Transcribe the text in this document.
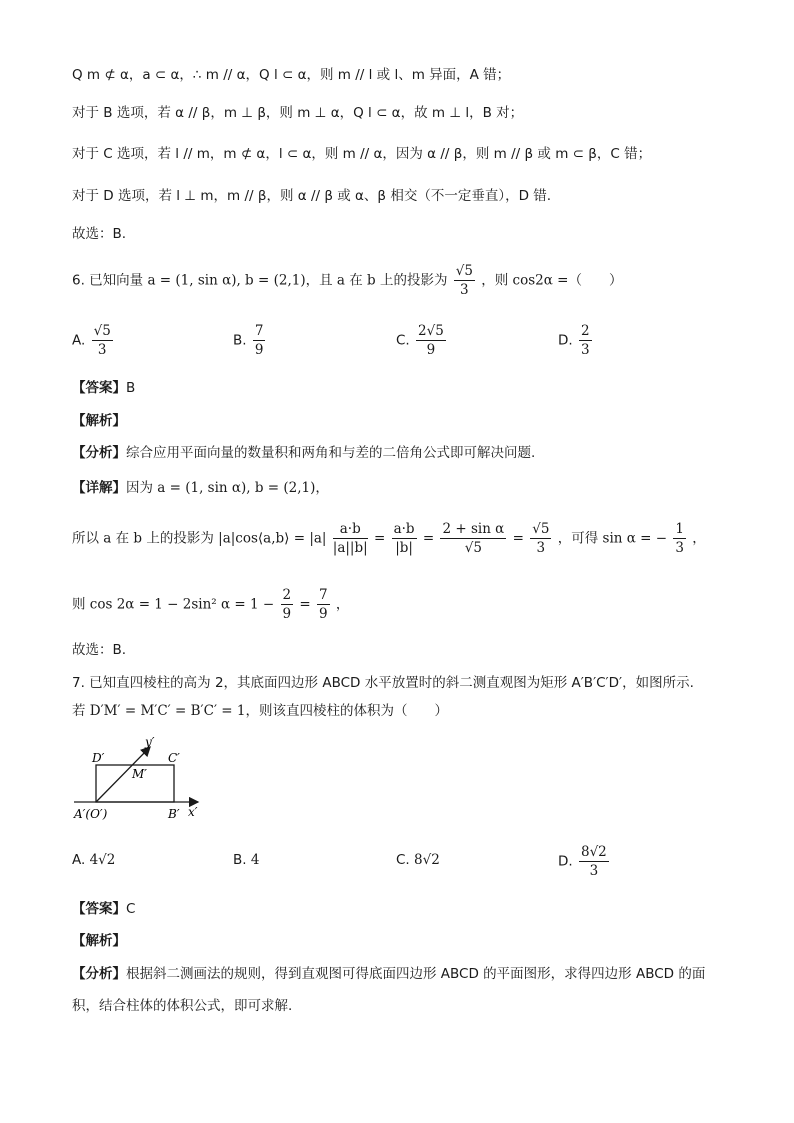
Q m ⊄ α，a ⊂ α，∴ m // α，Q l ⊂ α，则 m // l 或 l、m 异面，A 错；
对于 B 选项，若 α // β，m ⊥ β，则 m ⊥ α，Q l ⊂ α，故 m ⊥ l，B 对；
对于 C 选项，若 l // m，m ⊄ α，l ⊂ α，则 m // α，因为 α // β，则 m // β 或 m ⊂ β，C 错；
对于 D 选项，若 l ⊥ m，m // β，则 α // β 或 α、β 相交（不一定垂直），D 错.
故选：B.
6. 已知向量 a = (1, sin α), b = (2,1)，且 a 在 b 上的投影为 $\frac{√5}{3}$ ，则 cos2α =（　　）
A. $\frac{√5}{3}$	B. $\frac{7}{9}$	C. $\frac{2√5}{9}$	D. $\frac{2}{3}$
【答案】B
【解析】
【分析】综合应用平面向量的数量积和两角和与差的二倍角公式即可解决问题.
【详解】因为 a = (1, sin α), b = (2,1)，
所以 a 在 b 上的投影为 |a|cos⟨a,b⟩ = $|a| \frac{a\cdot b}{|a||b|} = \frac{a\cdot b}{|b|} = \frac{\text{2 + sin α}}{√5} = \frac{√5}{3}$ ，可得 sin α = − $\frac{1}{3}$ ，
则 cos 2α = 1 − 2sin² $\alpha = 1 - \frac{2}{9} = \frac{7}{9}$ ，
故选：B.
7. 已知直四棱柱的高为 2，其底面四边形 ABCD 水平放置时的斜二测直观图为矩形 A′B′C′D′，如图所示.
若 D′M′ = M′C′ = B′C′ = 1，则该直四棱柱的体积为（　　）
y′
D′	C′
M′
A′(O′)	B′ x′
A. 4√2	B. 4	C. 8√2	D. $\frac{8√2}{3}$
【答案】C
【解析】
【分析】根据斜二测画法的规则，得到直观图可得底面四边形 ABCD 的平面图形，求得四边形 ABCD 的面
积，结合柱体的体积公式，即可求解.
